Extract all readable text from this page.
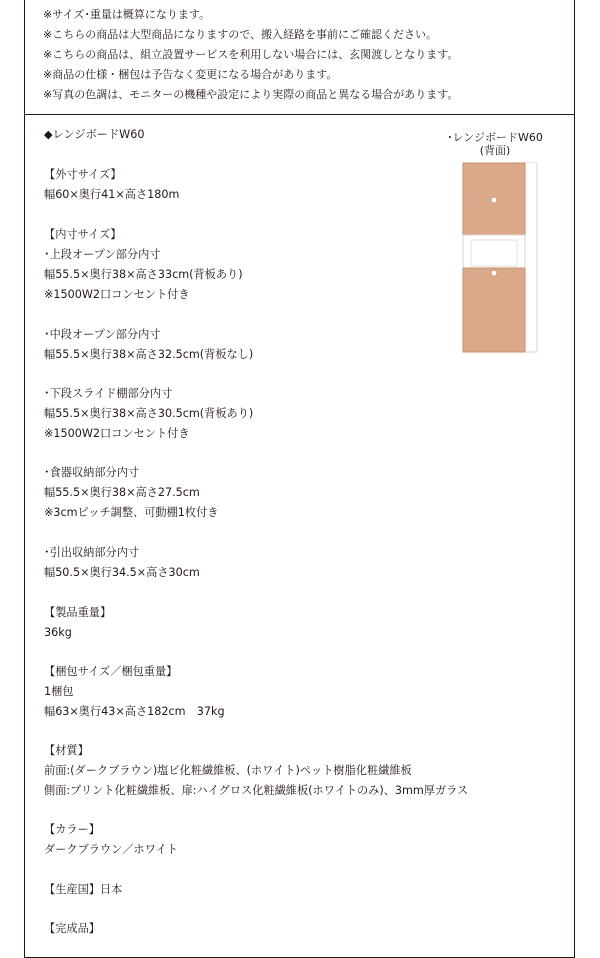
※サイズ･重量は概算になります。
※こちらの商品は大型商品になりますので、搬入経路を事前にご確認ください。
※こちらの商品は、組立設置サービスを利用しない場合には、玄関渡しとなります。
※商品の仕様・梱包は予告なく変更になる場合があります。
※写真の色調は、モニターの機種や設定により実際の商品と異なる場合があります。
◆レンジボードW60
【外寸サイズ】
幅60×奥行41×高さ180m
【内寸サイズ】
･上段オープン部分内寸
幅55.5×奥行38×高さ33cm(背板あり)
※1500W2口コンセント付き
･中段オープン部分内寸
幅55.5×奥行38×高さ32.5cm(背板なし)
･下段スライド棚部分内寸
幅55.5×奥行38×高さ30.5cm(背板あり)
※1500W2口コンセント付き
･食器収納部分内寸
幅55.5×奥行38×高さ27.5cm
※3cmピッチ調整、可動棚1枚付き
･引出収納部分内寸
幅50.5×奥行34.5×高さ30cm
【製品重量】
36kg
【梱包サイズ／梱包重量】
1梱包
幅63×奥行43×高さ182cm　37kg
【材質】
前面:(ダークブラウン)塩ビ化粧繊維板、(ホワイト)ペット樹脂化粧繊維板
側面:プリント化粧繊維板、扉:ハイグロス化粧繊維板(ホワイトのみ)、3mm厚ガラス
【カラー】
ダークブラウン／ホワイト
【生産国】日本
【完成品】
･レンジボードW60
(背面)
